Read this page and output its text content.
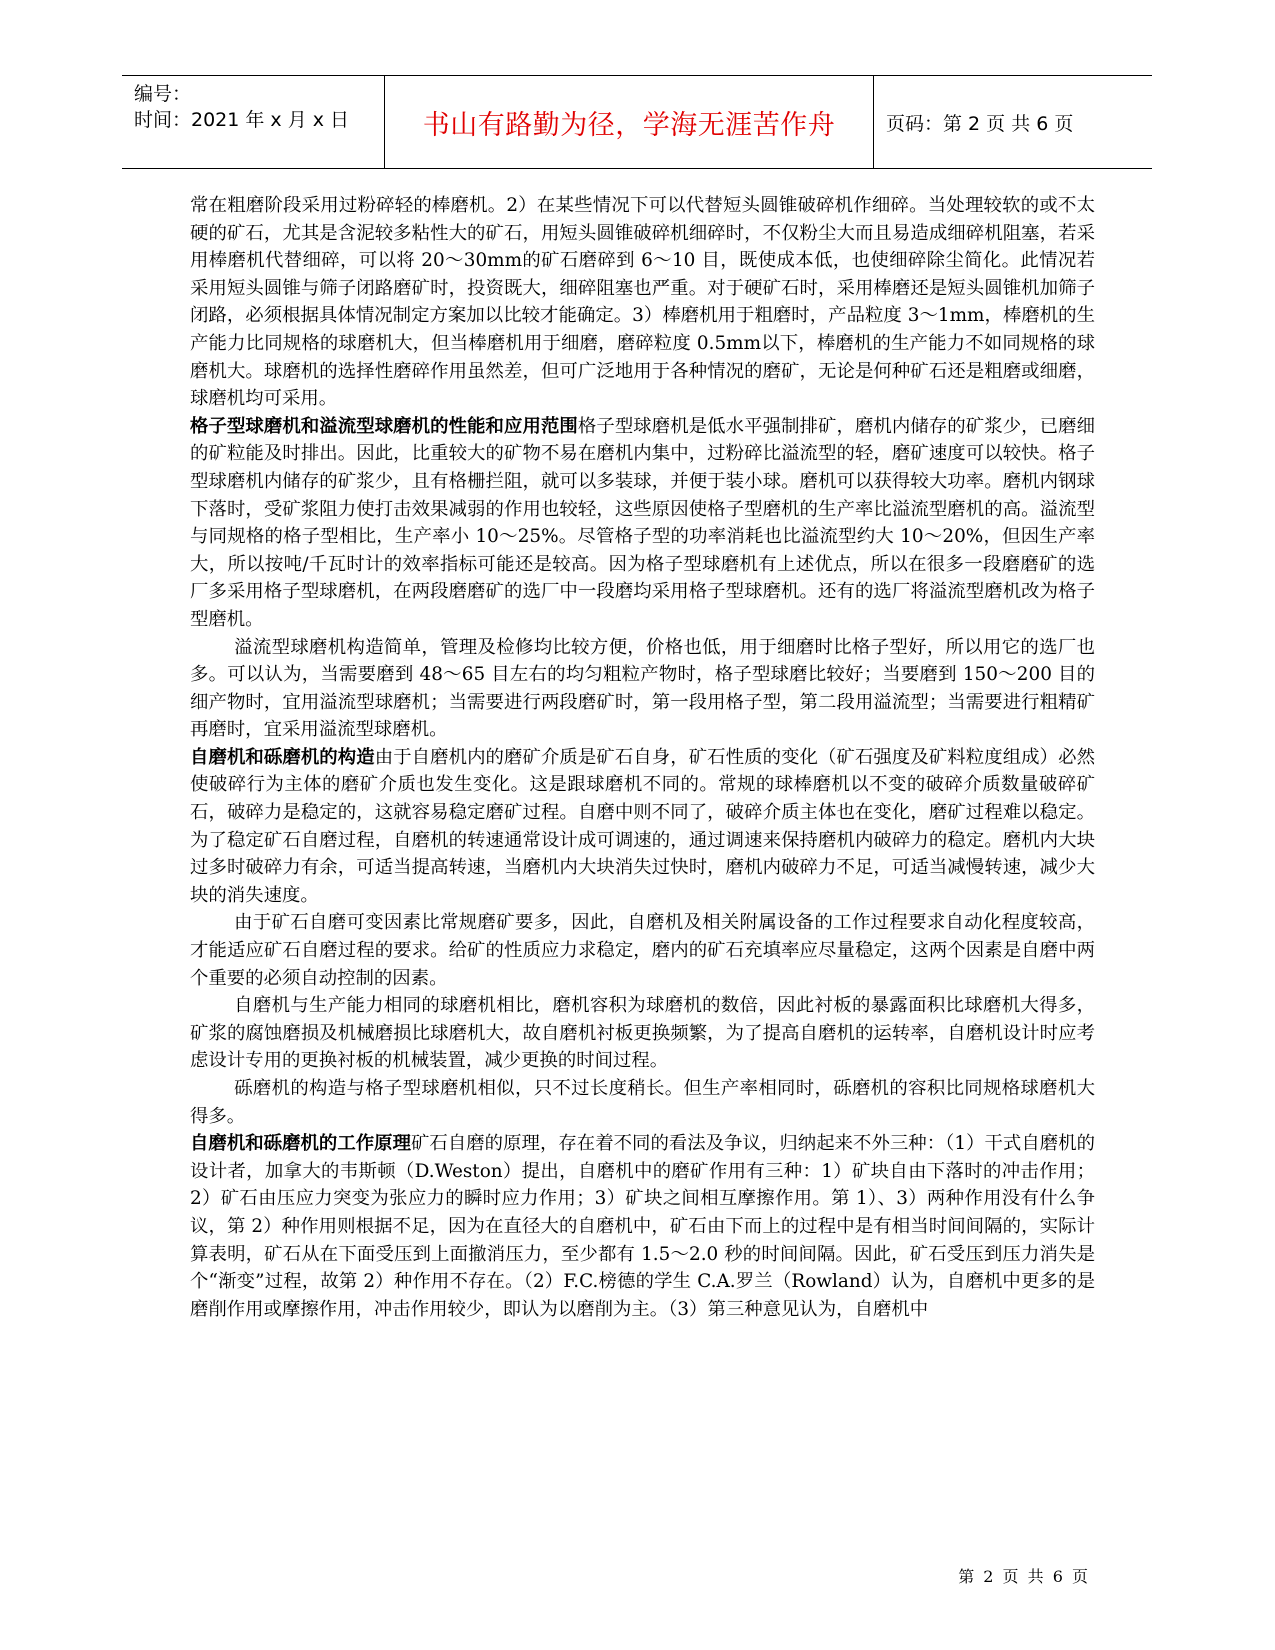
编号：
时间：2021 年 x 月 x 日	书山有路勤为径，学海无涯苦作舟	页码：第 2 页 共 6 页

常在粗磨阶段采用过粉碎轻的棒磨机。2）在某些情况下可以代替短头圆锥破碎机作细碎。当处理较软的或不太硬的矿石，尤其是含泥较多粘性大的矿石，用短头圆锥破碎机细碎时，不仅粉尘大而且易造成细碎机阻塞，若采用棒磨机代替细碎，可以将 20～30mm的矿石磨碎到 6～10 目，既使成本低，也使细碎除尘简化。此情况若采用短头圆锥与筛子闭路磨矿时，投资既大，细碎阻塞也严重。对于硬矿石时，采用棒磨还是短头圆锥机加筛子闭路，必须根据具体情况制定方案加以比较才能确定。3）棒磨机用于粗磨时，产品粒度 3～1mm，棒磨机的生产能力比同规格的球磨机大，但当棒磨机用于细磨，磨碎粒度 0.5mm以下，棒磨机的生产能力不如同规格的球磨机大。球磨机的选择性磨碎作用虽然差，但可广泛地用于各种情况的磨矿，无论是何种矿石还是粗磨或细磨，球磨机均可采用。

格子型球磨机和溢流型球磨机的性能和应用范围格子型球磨机是低水平强制排矿，磨机内储存的矿浆少，已磨细的矿粒能及时排出。因此，比重较大的矿物不易在磨机内集中，过粉碎比溢流型的轻，磨矿速度可以较快。格子型球磨机内储存的矿浆少，且有格栅拦阻，就可以多装球，并便于装小球。磨机可以获得较大功率。磨机内钢球下落时，受矿浆阻力使打击效果减弱的作用也较轻，这些原因使格子型磨机的生产率比溢流型磨机的高。溢流型与同规格的格子型相比，生产率小 10～25%。尽管格子型的功率消耗也比溢流型约大 10～20%，但因生产率大，所以按吨/千瓦时计的效率指标可能还是较高。因为格子型球磨机有上述优点，所以在很多一段磨磨矿的选厂多采用格子型球磨机，在两段磨磨矿的选厂中一段磨均采用格子型球磨机。还有的选厂将溢流型磨机改为格子型磨机。

溢流型球磨机构造简单，管理及检修均比较方便，价格也低，用于细磨时比格子型好，所以用它的选厂也多。可以认为，当需要磨到 48～65 目左右的均匀粗粒产物时，格子型球磨比较好；当要磨到 150～200 目的细产物时，宜用溢流型球磨机；当需要进行两段磨矿时，第一段用格子型，第二段用溢流型；当需要进行粗精矿再磨时，宜采用溢流型球磨机。

自磨机和砾磨机的构造由于自磨机内的磨矿介质是矿石自身，矿石性质的变化（矿石强度及矿料粒度组成）必然使破碎行为主体的磨矿介质也发生变化。这是跟球磨机不同的。常规的球棒磨机以不变的破碎介质数量破碎矿石，破碎力是稳定的，这就容易稳定磨矿过程。自磨中则不同了，破碎介质主体也在变化，磨矿过程难以稳定。为了稳定矿石自磨过程，自磨机的转速通常设计成可调速的，通过调速来保持磨机内破碎力的稳定。磨机内大块过多时破碎力有余，可适当提高转速，当磨机内大块消失过快时，磨机内破碎力不足，可适当减慢转速，减少大块的消失速度。

由于矿石自磨可变因素比常规磨矿要多，因此，自磨机及相关附属设备的工作过程要求自动化程度较高，才能适应矿石自磨过程的要求。给矿的性质应力求稳定，磨内的矿石充填率应尽量稳定，这两个因素是自磨中两个重要的必须自动控制的因素。

自磨机与生产能力相同的球磨机相比，磨机容积为球磨机的数倍，因此衬板的暴露面积比球磨机大得多，矿浆的腐蚀磨损及机械磨损比球磨机大，故自磨机衬板更换频繁，为了提高自磨机的运转率，自磨机设计时应考虑设计专用的更换衬板的机械装置，减少更换的时间过程。

砾磨机的构造与格子型球磨机相似，只不过长度稍长。但生产率相同时，砾磨机的容积比同规格球磨机大得多。

自磨机和砾磨机的工作原理矿石自磨的原理，存在着不同的看法及争议，归纳起来不外三种：（1）干式自磨机的设计者，加拿大的韦斯顿（D.Weston）提出，自磨机中的磨矿作用有三种：1）矿块自由下落时的冲击作用；2）矿石由压应力突变为张应力的瞬时应力作用；3）矿块之间相互摩擦作用。第 1）、3）两种作用没有什么争议，第 2）种作用则根据不足，因为在直径大的自磨机中，矿石由下而上的过程中是有相当时间间隔的，实际计算表明，矿石从在下面受压到上面撤消压力，至少都有 1.5～2.0 秒的时间间隔。因此，矿石受压到压力消失是个“渐变”过程，故第 2）种作用不存在。（2）F.C.榜德的学生 C.A.罗兰（Rowland）认为，自磨机中更多的是磨削作用或摩擦作用，冲击作用较少，即认为以磨削为主。（3）第三种意见认为，自磨机中

第 2 页 共 6 页
